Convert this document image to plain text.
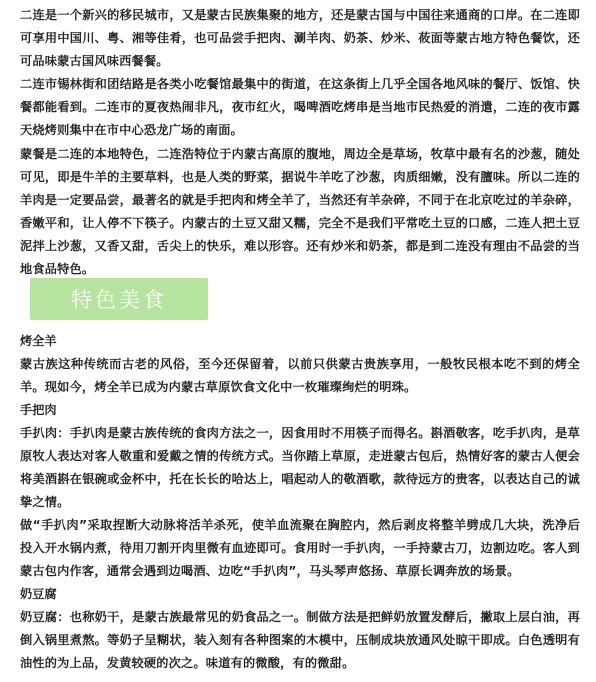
二连是一个新兴的移民城市，又是蒙古民族集聚的地方，还是蒙古国与中国往来通商的口岸。在二连即可享用中国川、粤、湘等佳肴，也可品尝手把肉、涮羊肉、奶茶、炒米、莜面等蒙古地方特色餐饮，还可品味蒙古国风味西餐餐。

二连市锡林街和团结路是各类小吃餐馆最集中的街道，在这条街上几乎全国各地风味的餐厅、饭馆、快餐都能看到。二连市的夏夜热闹非凡，夜市红火，喝啤酒吃烤串是当地市民热爱的消遣，二连的夜市露天烧烤则集中在市中心恐龙广场的南面。

蒙餐是二连的本地特色，二连浩特位于内蒙古高原的腹地，周边全是草场，牧草中最有名的沙葱，随处可见，即是牛羊的主要草料，也是人类的野菜，据说牛羊吃了沙葱，肉质细嫩，没有膻味。所以二连的羊肉是一定要品尝，最著名的就是手把肉和烤全羊了，当然还有羊杂碎，不同于在北京吃过的羊杂碎，香嫩平和，让人停不下筷子。内蒙古的土豆又甜又糯，完全不是我们平常吃土豆的口感，二连人把土豆泥拌上沙葱，又香又甜，舌尖上的快乐，难以形容。还有炒米和奶茶，都是到二连没有理由不品尝的当地食品特色。

特色美食

烤全羊

蒙古族这种传统而古老的风俗，至今还保留着，以前只供蒙古贵族享用，一般牧民根本吃不到的烤全羊。现如今，烤全羊已成为内蒙古草原饮食文化中一枚璀璨绚烂的明珠。

手把肉

手扒肉：手扒肉是蒙古族传统的食肉方法之一，因食用时不用筷子而得名。斟酒敬客，吃手扒肉，是草原牧人表达对客人敬重和爱戴之情的传统方式。当你踏上草原，走进蒙古包后，热情好客的蒙古人便会将美酒斟在银碗或金杯中，托在长长的哈达上，唱起动人的敬酒歌，款待远方的贵客，以表达自己的诚挚之情。

做“手扒肉”采取捏断大动脉将活羊杀死，使羊血流聚在胸腔内，然后剥皮将整羊劈成几大块，洗净后投入开水锅内煮，待用刀割开肉里微有血迹即可。食用时一手扒肉，一手持蒙古刀，边割边吃。客人到蒙古包内作客，通常会遇到边喝酒、边吃“手扒肉”，马头琴声悠扬、草原长调奔放的场景。

奶豆腐

奶豆腐：也称奶干，是蒙古族最常见的奶食品之一。制做方法是把鲜奶放置发酵后，撇取上层白油，再倒入锅里煮熬。等奶子呈糊状，装入刻有各种图案的木模中，压制成块放通风处晾干即成。白色透明有油性的为上品，发黄较硬的次之。味道有的微酸，有的微甜。
